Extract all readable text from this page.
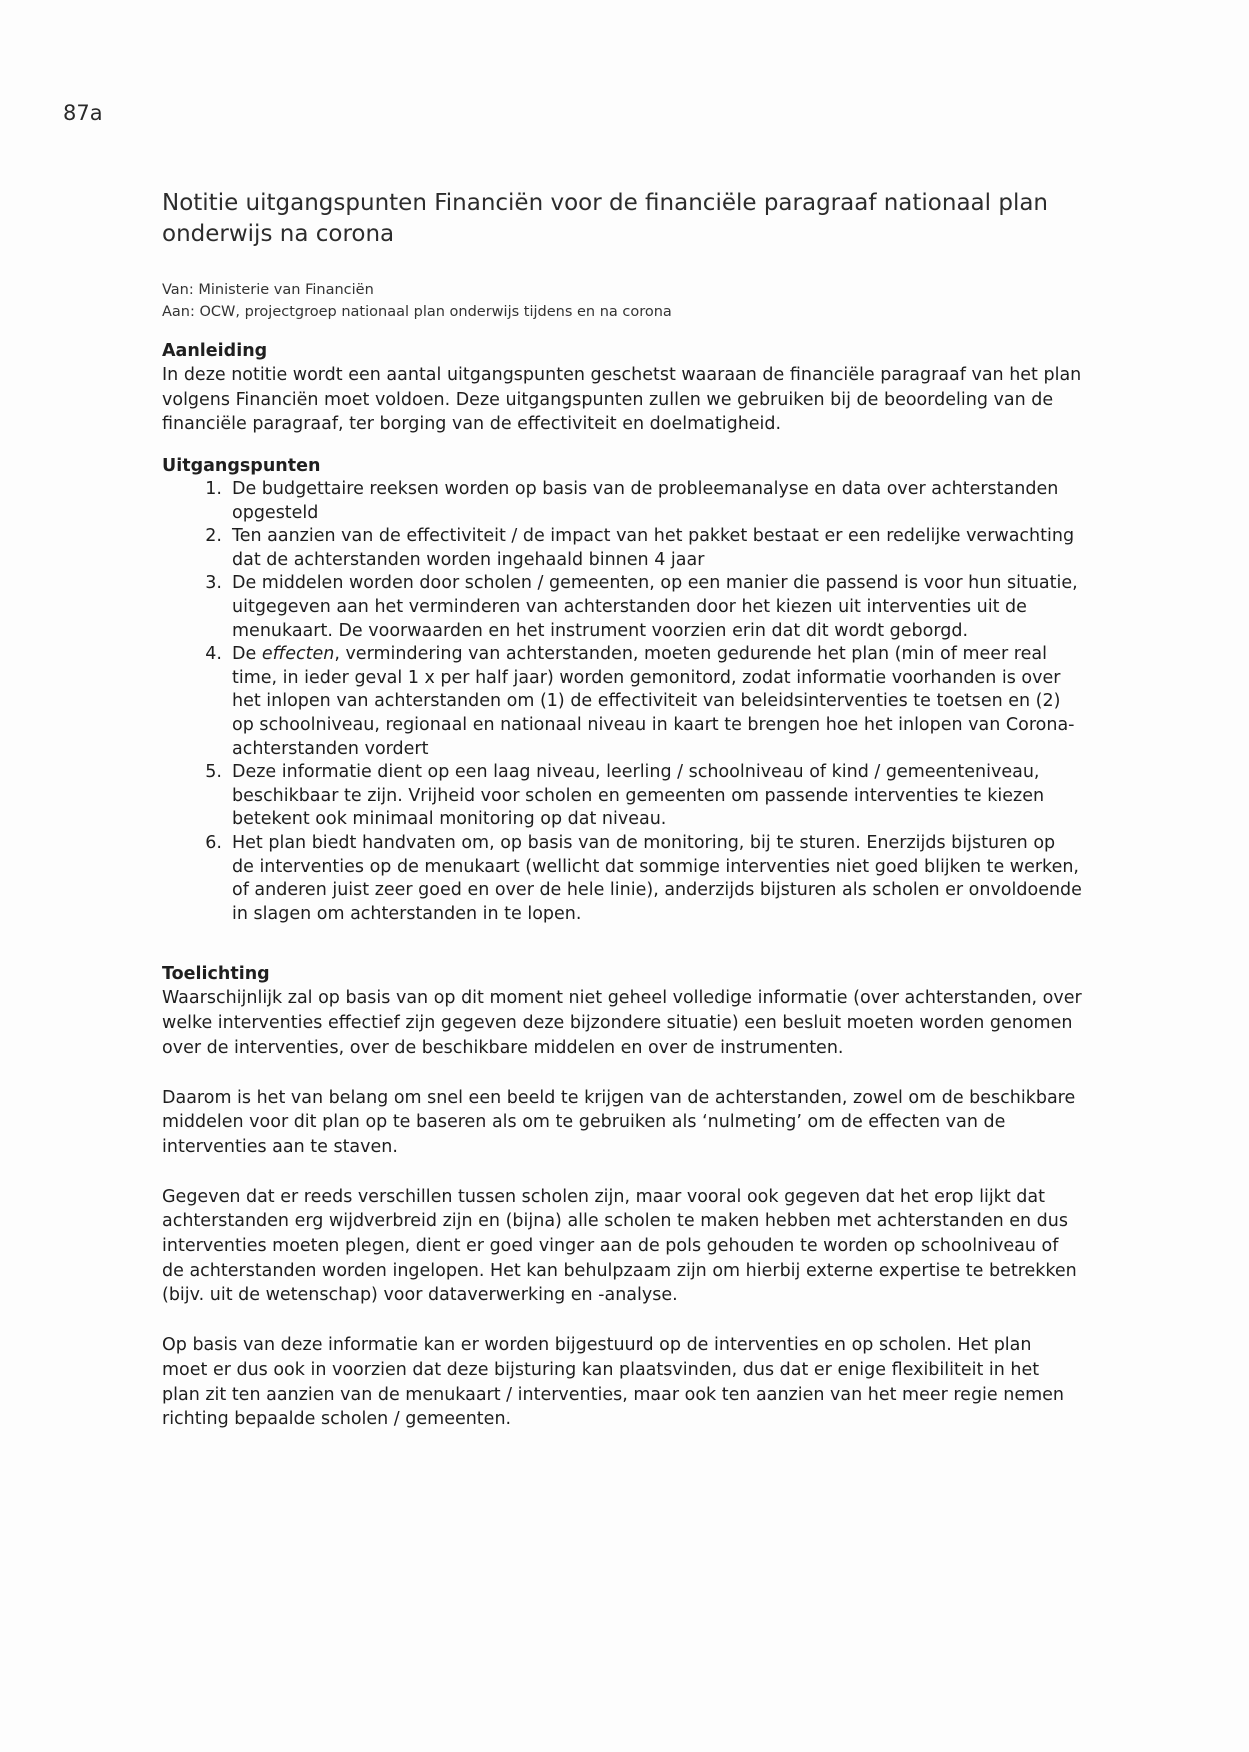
87a
Notitie uitgangspunten Financiën voor de financiële paragraaf nationaal plan onderwijs na corona
Van: Ministerie van Financiën
Aan: OCW, projectgroep nationaal plan onderwijs tijdens en na corona
Aanleiding

In deze notitie wordt een aantal uitgangspunten geschetst waaraan de financiële paragraaf van het plan volgens Financiën moet voldoen. Deze uitgangspunten zullen we gebruiken bij de beoordeling van de financiële paragraaf, ter borging van de effectiviteit en doelmatigheid.

Uitgangspunten
1. De budgettaire reeksen worden op basis van de probleemanalyse en data over achterstanden opgesteld
2. Ten aanzien van de effectiviteit / de impact van het pakket bestaat er een redelijke verwachting dat de achterstanden worden ingehaald binnen 4 jaar
3. De middelen worden door scholen / gemeenten, op een manier die passend is voor hun situatie, uitgegeven aan het verminderen van achterstanden door het kiezen uit interventies uit de menukaart. De voorwaarden en het instrument voorzien erin dat dit wordt geborgd.
4. De effecten, vermindering van achterstanden, moeten gedurende het plan (min of meer real time, in ieder geval 1 x per half jaar) worden gemonitord, zodat informatie voorhanden is over het inlopen van achterstanden om (1) de effectiviteit van beleidsinterventies te toetsen en (2) op schoolniveau, regionaal en nationaal niveau in kaart te brengen hoe het inlopen van Corona-achterstanden vordert
5. Deze informatie dient op een laag niveau, leerling / schoolniveau of kind / gemeenteniveau, beschikbaar te zijn. Vrijheid voor scholen en gemeenten om passende interventies te kiezen betekent ook minimaal monitoring op dat niveau.
6. Het plan biedt handvaten om, op basis van de monitoring, bij te sturen. Enerzijds bijsturen op de interventies op de menukaart (wellicht dat sommige interventies niet goed blijken te werken, of anderen juist zeer goed en over de hele linie), anderzijds bijsturen als scholen er onvoldoende in slagen om achterstanden in te lopen.
Toelichting

Waarschijnlijk zal op basis van op dit moment niet geheel volledige informatie (over achterstanden, over welke interventies effectief zijn gegeven deze bijzondere situatie) een besluit moeten worden genomen over de interventies, over de beschikbare middelen en over de instrumenten.

Daarom is het van belang om snel een beeld te krijgen van de achterstanden, zowel om de beschikbare middelen voor dit plan op te baseren als om te gebruiken als ‘nulmeting’ om de effecten van de interventies aan te staven.

Gegeven dat er reeds verschillen tussen scholen zijn, maar vooral ook gegeven dat het erop lijkt dat achterstanden erg wijdverbreid zijn en (bijna) alle scholen te maken hebben met achterstanden en dus interventies moeten plegen, dient er goed vinger aan de pols gehouden te worden op schoolniveau of de achterstanden worden ingelopen. Het kan behulpzaam zijn om hierbij externe expertise te betrekken (bijv. uit de wetenschap) voor dataverwerking en -analyse.

Op basis van deze informatie kan er worden bijgestuurd op de interventies en op scholen. Het plan moet er dus ook in voorzien dat deze bijsturing kan plaatsvinden, dus dat er enige flexibiliteit in het plan zit ten aanzien van de menukaart / interventies, maar ook ten aanzien van het meer regie nemen richting bepaalde scholen / gemeenten.
